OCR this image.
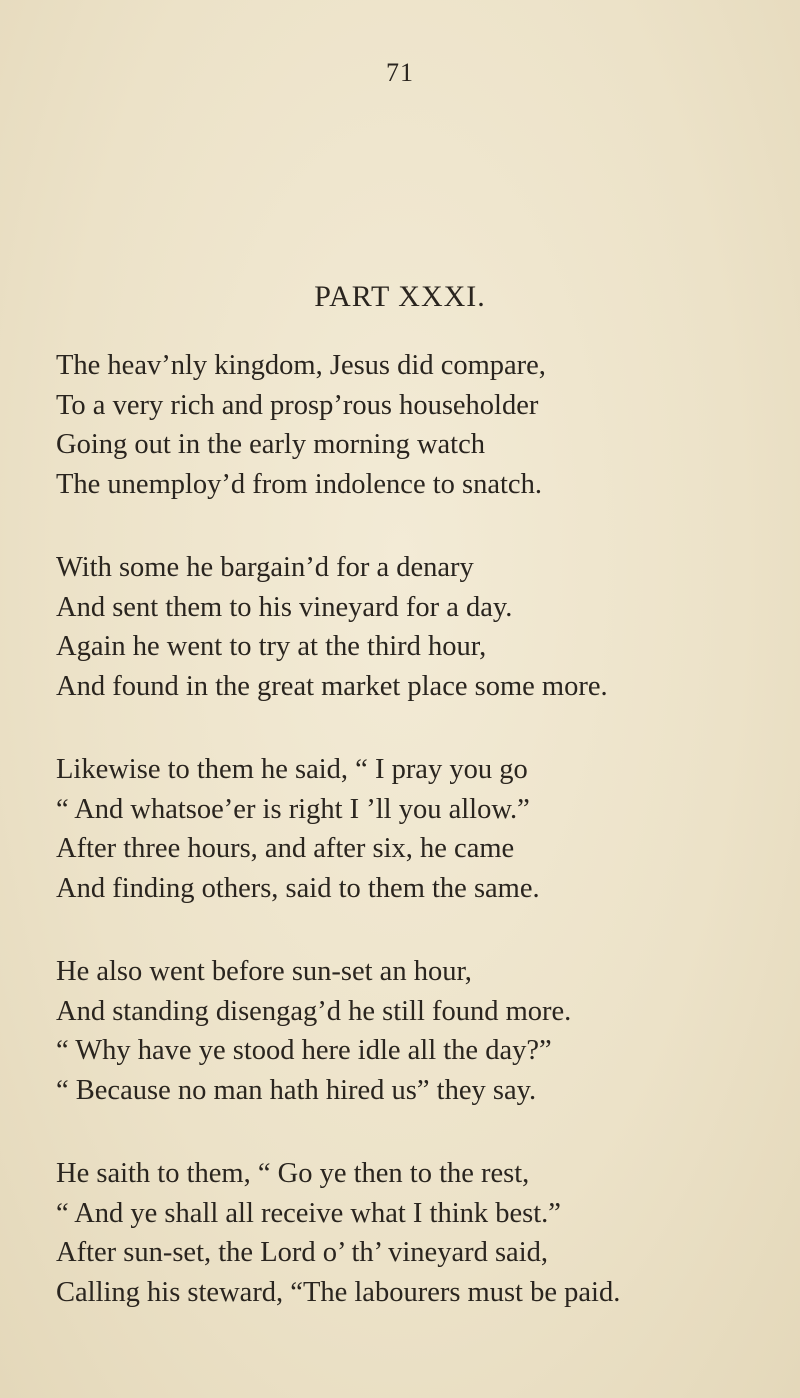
71
PART XXXI.
The heav’nly kingdom, Jesus did compare,
To a very rich and prosp’rous householder
Going out in the early morning watch
The unemploy’d from indolence to snatch.
With some he bargain’d for a denary
And sent them to his vineyard for a day.
Again he went to try at the third hour,
And found in the great market place some more.
Likewise to them he said, “ I pray you go
“ And whatsoe’er is right I ’ll you allow.”
After three hours, and after six, he came
And finding others, said to them the same.
He also went before sun-set an hour,
And standing disengag’d he still found more.
“ Why have ye stood here idle all the day?”
“ Because no man hath hired us” they say.
He saith to them, “ Go ye then to the rest,
“ And ye shall all receive what I think best.”
After sun-set, the Lord o’ th’ vineyard said,
Calling his steward, “The labourers must be paid.
